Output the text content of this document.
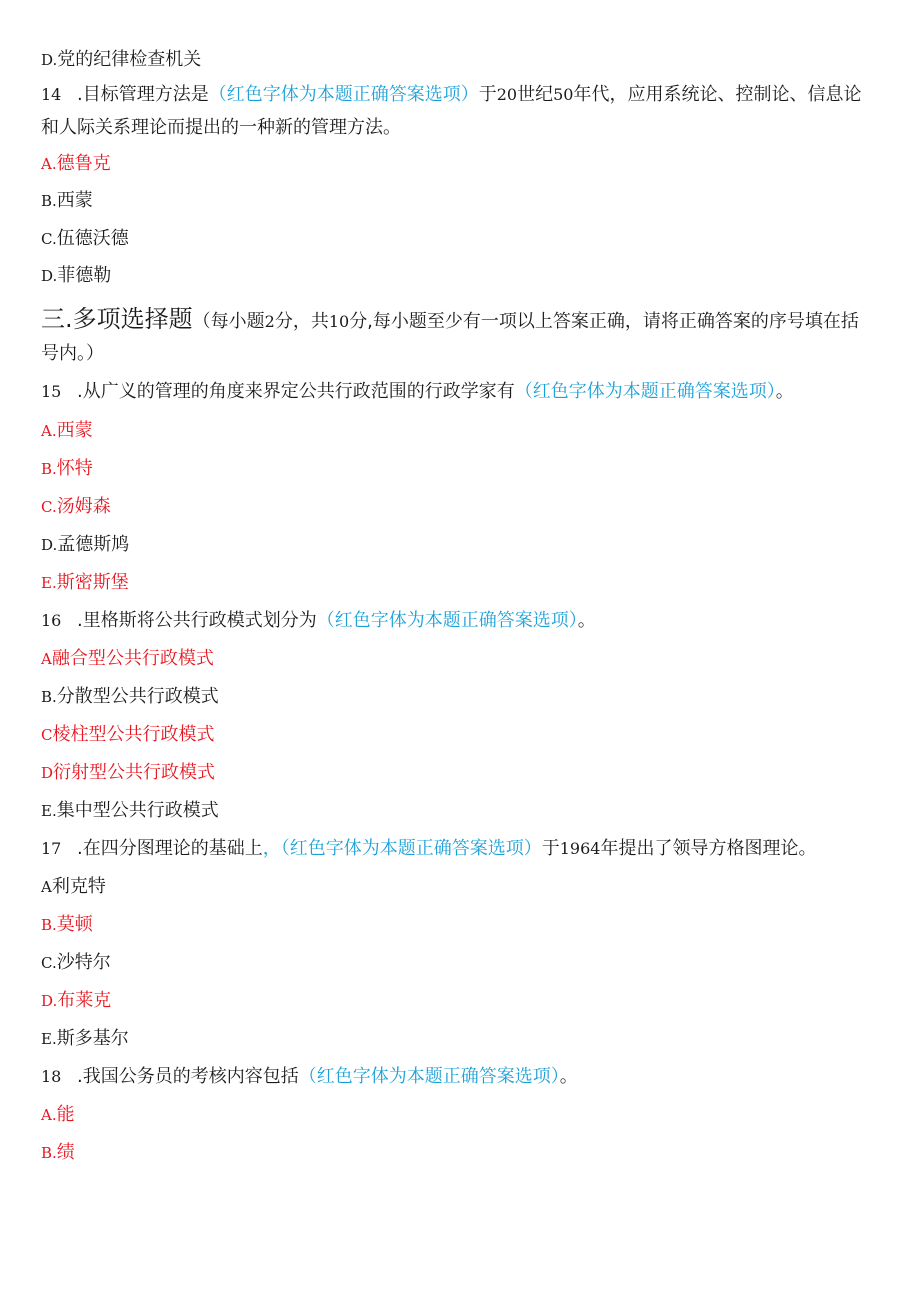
D.党的纪律检查机关
14 .目标管理方法是（红色字体为本题正确答案选项）于20世纪50年代，应用系统论、控制论、信息论
和人际关系理论而提出的一种新的管理方法。
A.德鲁克
B.西蒙
C.伍德沃德
D.菲德勒
三.多项选择题（每小题2分，共10分,每小题至少有一项以上答案正确，请将正确答案的序号填在括
号内。）
15 .从广义的管理的角度来界定公共行政范围的行政学家有（红色字体为本题正确答案选项）。
A.西蒙
B.怀特
C.汤姆森
D.孟德斯鸠
E.斯密斯堡
16 .里格斯将公共行政模式划分为（红色字体为本题正确答案选项）。
A融合型公共行政模式
B.分散型公共行政模式
C棱柱型公共行政模式
D衍射型公共行政模式
E.集中型公共行政模式
17 .在四分图理论的基础上，（红色字体为本题正确答案选项）于1964年提出了领导方格图理论。
A利克特
B.莫顿
C.沙特尔
D.布莱克
E.斯多基尔
18 .我国公务员的考核内容包括（红色字体为本题正确答案选项）。
A.能
B.绩
